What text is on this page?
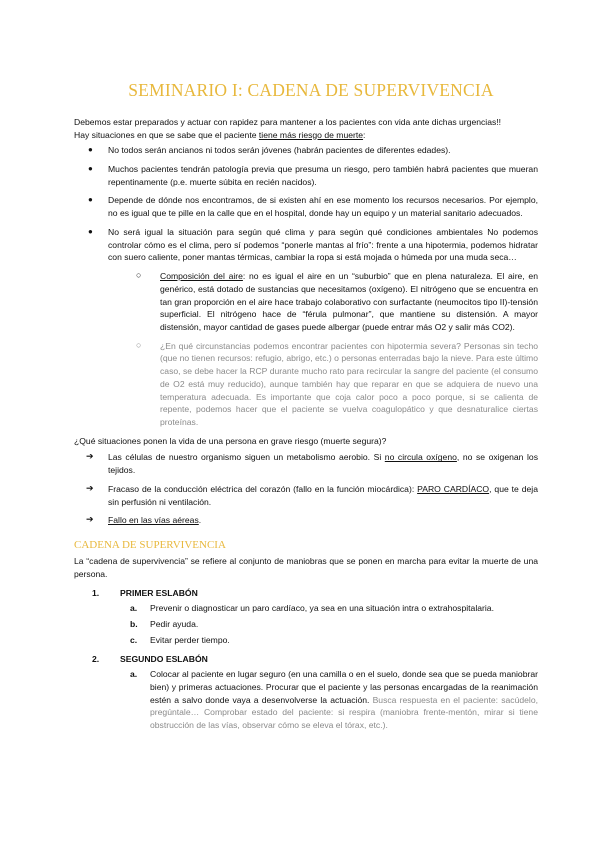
SEMINARIO I: CADENA DE SUPERVIVENCIA

Debemos estar preparados y actuar con rapidez para mantener a los pacientes con vida ante dichas urgencias!!
Hay situaciones en que se sabe que el paciente tiene más riesgo de muerte:

● No todos serán ancianos ni todos serán jóvenes (habrán pacientes de diferentes edades).
● Muchos pacientes tendrán patología previa que presuma un riesgo, pero también habrá pacientes que mueran repentinamente (p.e. muerte súbita en recién nacidos).
● Depende de dónde nos encontramos, de si existen ahí en ese momento los recursos necesarios. Por ejemplo, no es igual que te pille en la calle que en el hospital, donde hay un equipo y un material sanitario adecuados.
● No será igual la situación para según qué clima y para según qué condiciones ambientales No podemos controlar cómo es el clima, pero sí podemos “ponerle mantas al frío”: frente a una hipotermia, podemos hidratar con suero caliente, poner mantas térmicas, cambiar la ropa si está mojada o húmeda por una muda seca…
○ Composición del aire: no es igual el aire en un “suburbio” que en plena naturaleza. El aire, en genérico, está dotado de sustancias que necesitamos (oxígeno). El nitrógeno que se encuentra en tan gran proporción en el aire hace trabajo colaborativo con surfactante (neumocitos tipo II)-tensión superficial. El nitrógeno hace de “férula pulmonar”, que mantiene su distensión. A mayor distensión, mayor cantidad de gases puede albergar (puede entrar más O2 y salir más CO2).
○ ¿En qué circunstancias podemos encontrar pacientes con hipotermia severa? Personas sin techo (que no tienen recursos: refugio, abrigo, etc.) o personas enterradas bajo la nieve. Para este último caso, se debe hacer la RCP durante mucho rato para recircular la sangre del paciente (el consumo de O2 está muy reducido), aunque también hay que reparar en que se adquiera de nuevo una temperatura adecuada. Es importante que coja calor poco a poco porque, si se calienta de repente, podemos hacer que el paciente se vuelva coagulopático y que desnaturalice ciertas proteínas.

¿Qué situaciones ponen la vida de una persona en grave riesgo (muerte segura)?

➔ Las células de nuestro organismo siguen un metabolismo aerobio. Si no circula oxígeno, no se oxigenan los tejidos.
➔ Fracaso de la conducción eléctrica del corazón (fallo en la función miocárdica): PARO CARDÍACO, que te deja sin perfusión ni ventilación.
➔ Fallo en las vías aéreas.
CADENA DE SUPERVIVENCIA

La “cadena de supervivencia” se refiere al conjunto de maniobras que se ponen en marcha para evitar la muerte de una persona.

1. PRIMER ESLABÓN
a. Prevenir o diagnosticar un paro cardíaco, ya sea en una situación intra o extrahospitalaria.
b. Pedir ayuda.
c. Evitar perder tiempo.
2. SEGUNDO ESLABÓN
a. Colocar al paciente en lugar seguro (en una camilla o en el suelo, donde sea que se pueda maniobrar bien) y primeras actuaciones. Procurar que el paciente y las personas encargadas de la reanimación estén a salvo donde vaya a desenvolverse la actuación. Busca respuesta en el paciente: sacúdelo, pregúntale… Comprobar estado del paciente: si respira (maniobra frente-mentón, mirar si tiene obstrucción de las vías, observar cómo se eleva el tórax, etc.).
